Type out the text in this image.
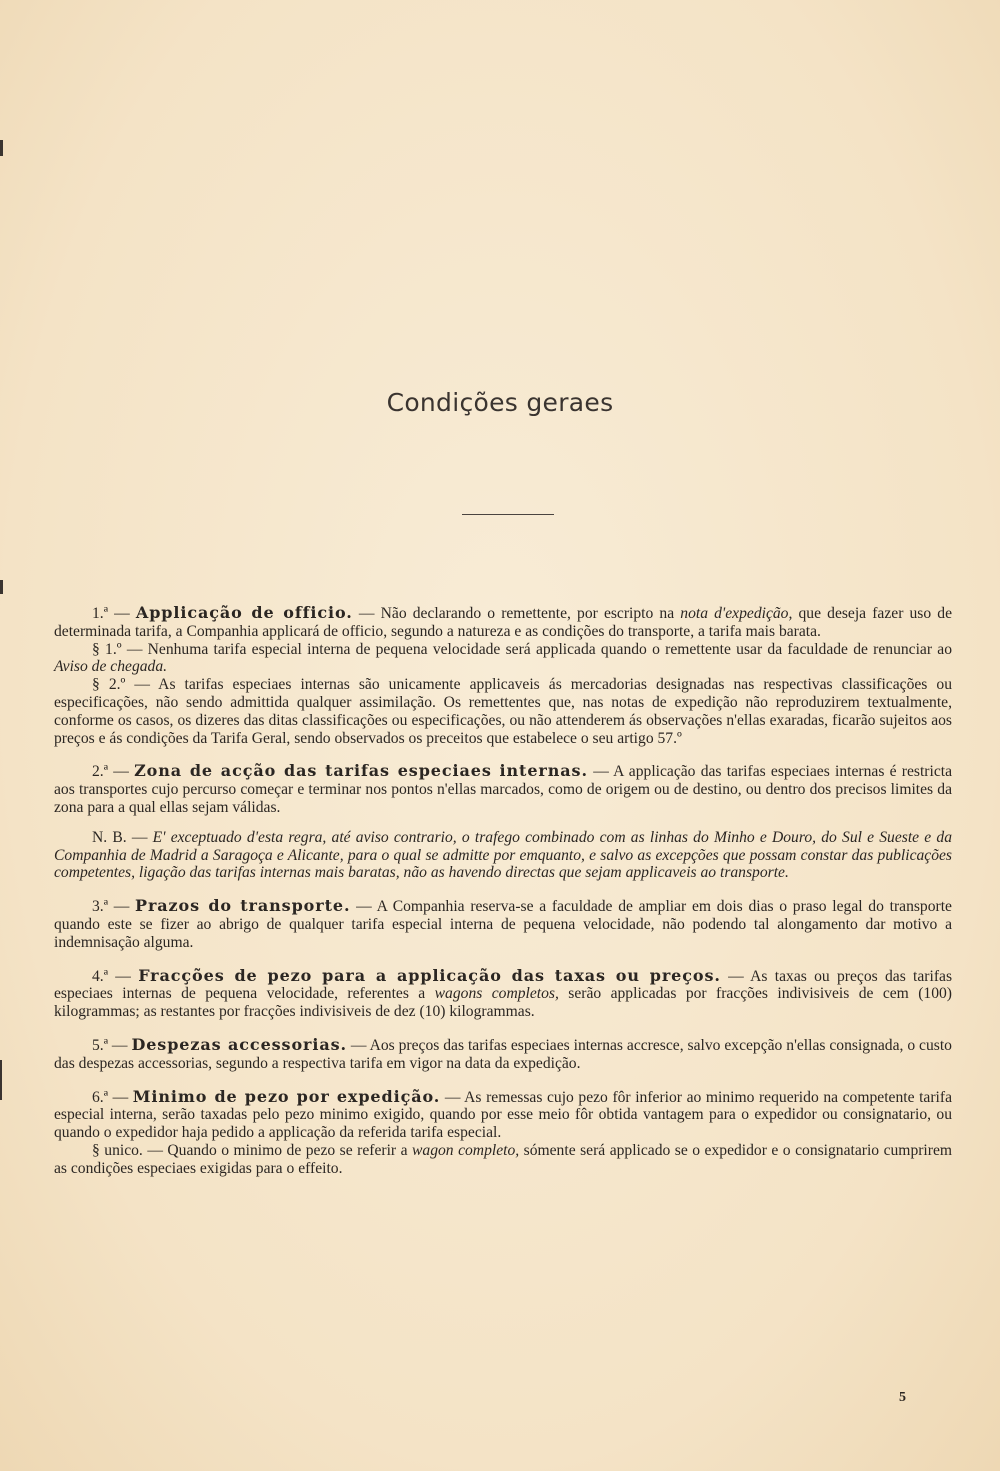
Condições geraes

1.ª — Applicação de officio. — Não declarando o remettente, por escripto na nota d'expedição, que deseja fazer uso de determinada tarifa, a Companhia applicará de officio, segundo a natureza e as condições do transporte, a tarifa mais barata.

§ 1.º — Nenhuma tarifa especial interna de pequena velocidade será applicada quando o remettente usar da faculdade de renunciar ao Aviso de chegada.

§ 2.º — As tarifas especiaes internas são unicamente applicaveis ás mercadorias designadas nas respectivas classificações ou especificações, não sendo admittida qualquer assimilação. Os remettentes que, nas notas de expedição não reproduzirem textualmente, conforme os casos, os dizeres das ditas classificações ou especificações, ou não attenderem ás observações n'ellas exaradas, ficarão sujeitos aos preços e ás condições da Tarifa Geral, sendo observados os preceitos que estabelece o seu artigo 57.º

2.ª — Zona de acção das tarifas especiaes internas. — A applicação das tarifas especiaes internas é restricta aos transportes cujo percurso começar e terminar nos pontos n'ellas marcados, como de origem ou de destino, ou dentro dos precisos limites da zona para a qual ellas sejam válidas.

N. B. — E' exceptuado d'esta regra, até aviso contrario, o trafego combinado com as linhas do Minho e Douro, do Sul e Sueste e da Companhia de Madrid a Saragoça e Alicante, para o qual se admitte por emquanto, e salvo as excepções que possam constar das publicações competentes, ligação das tarifas internas mais baratas, não as havendo directas que sejam applicaveis ao transporte.

3.ª — Prazos do transporte. — A Companhia reserva-se a faculdade de ampliar em dois dias o praso legal do transporte quando este se fizer ao abrigo de qualquer tarifa especial interna de pequena velocidade, não podendo tal alongamento dar motivo a indemnisação alguma.

4.ª — Fracções de pezo para a applicação das taxas ou preços. — As taxas ou preços das tarifas especiaes internas de pequena velocidade, referentes a wagons completos, serão applicadas por fracções indivisiveis de cem (100) kilogrammas; as restantes por fracções indivisiveis de dez (10) kilogrammas.

5.ª — Despezas accessorias. — Aos preços das tarifas especiaes internas accresce, salvo excepção n'ellas consignada, o custo das despezas accessorias, segundo a respectiva tarifa em vigor na data da expedição.

6.ª — Minimo de pezo por expedição. — As remessas cujo pezo fôr inferior ao minimo requerido na competente tarifa especial interna, serão taxadas pelo pezo minimo exigido, quando por esse meio fôr obtida vantagem para o expedidor ou consignatario, ou quando o expedidor haja pedido a applicação da referida tarifa especial.

§ unico. — Quando o minimo de pezo se referir a wagon completo, sómente será applicado se o expedidor e o consignatario cumprirem as condições especiaes exigidas para o effeito.

5
